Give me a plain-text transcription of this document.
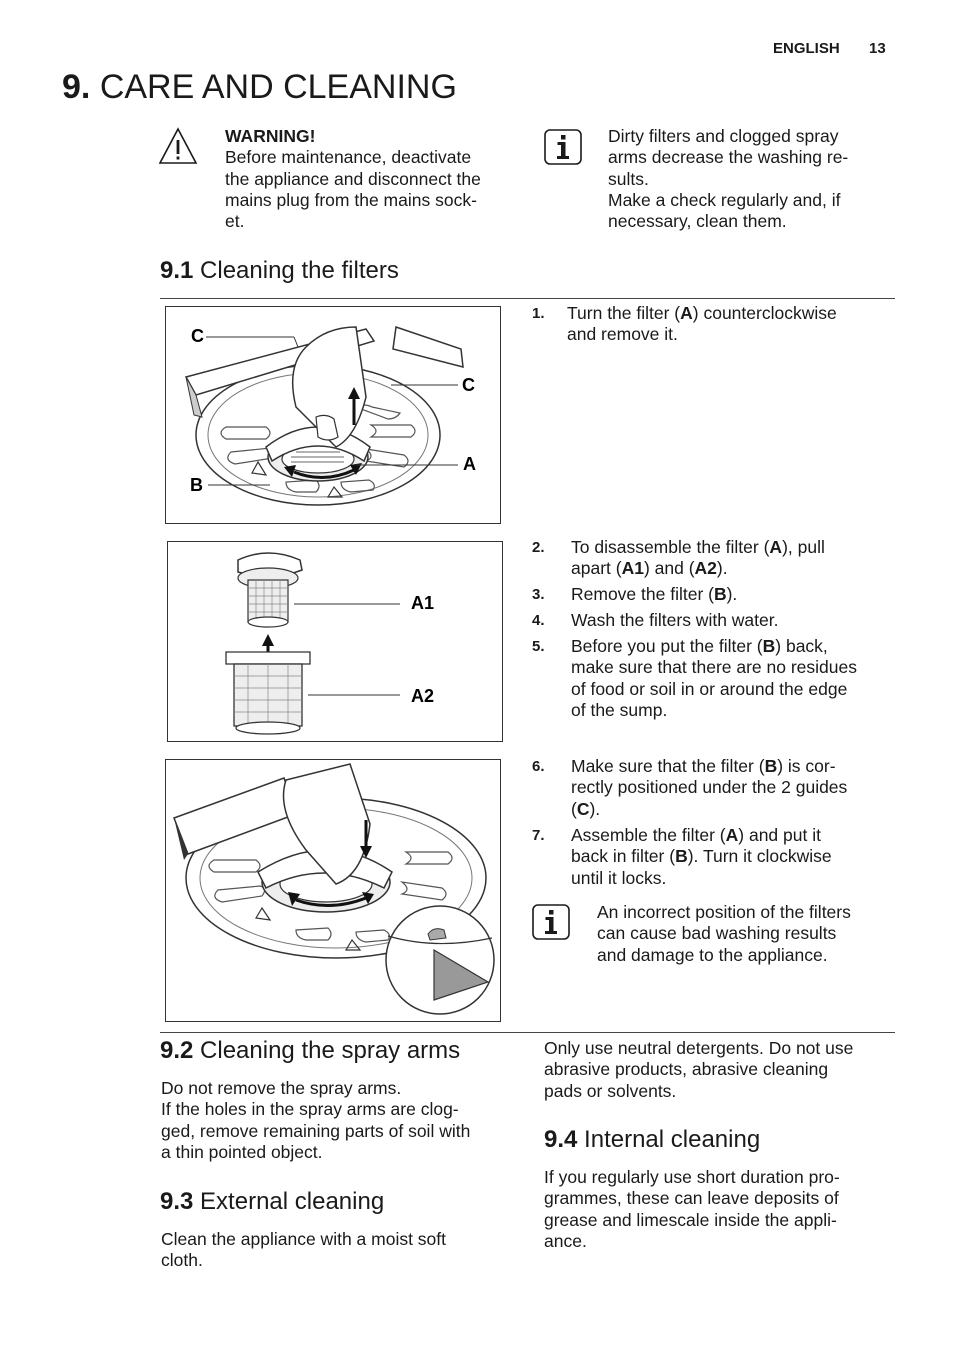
ENGLISH 13
9. CARE AND CLEANING
WARNING!
Before maintenance, deactivate
the appliance and disconnect the
mains plug from the mains sock-
et.
Dirty filters and clogged spray
arms decrease the washing re-
sults.
Make a check regularly and, if
necessary, clean them.
9.1 Cleaning the filters
C
C
A
B
1. Turn the filter (A) counterclockwise
and remove it.
A1
A2
2. To disassemble the filter (A), pull
apart (A1) and (A2).
3. Remove the filter (B).
4. Wash the filters with water.
5. Before you put the filter (B) back,
make sure that there are no residues
of food or soil in or around the edge
of the sump.
6. Make sure that the filter (B) is cor-
rectly positioned under the 2 guides
(C).
7. Assemble the filter (A) and put it
back in filter (B). Turn it clockwise
until it locks.
An incorrect position of the filters
can cause bad washing results
and damage to the appliance.
9.2 Cleaning the spray arms
Do not remove the spray arms.
If the holes in the spray arms are clog-
ged, remove remaining parts of soil with
a thin pointed object.
9.3 External cleaning
Clean the appliance with a moist soft
cloth.
Only use neutral detergents. Do not use
abrasive products, abrasive cleaning
pads or solvents.
9.4 Internal cleaning
If you regularly use short duration pro-
grammes, these can leave deposits of
grease and limescale inside the appli-
ance.
